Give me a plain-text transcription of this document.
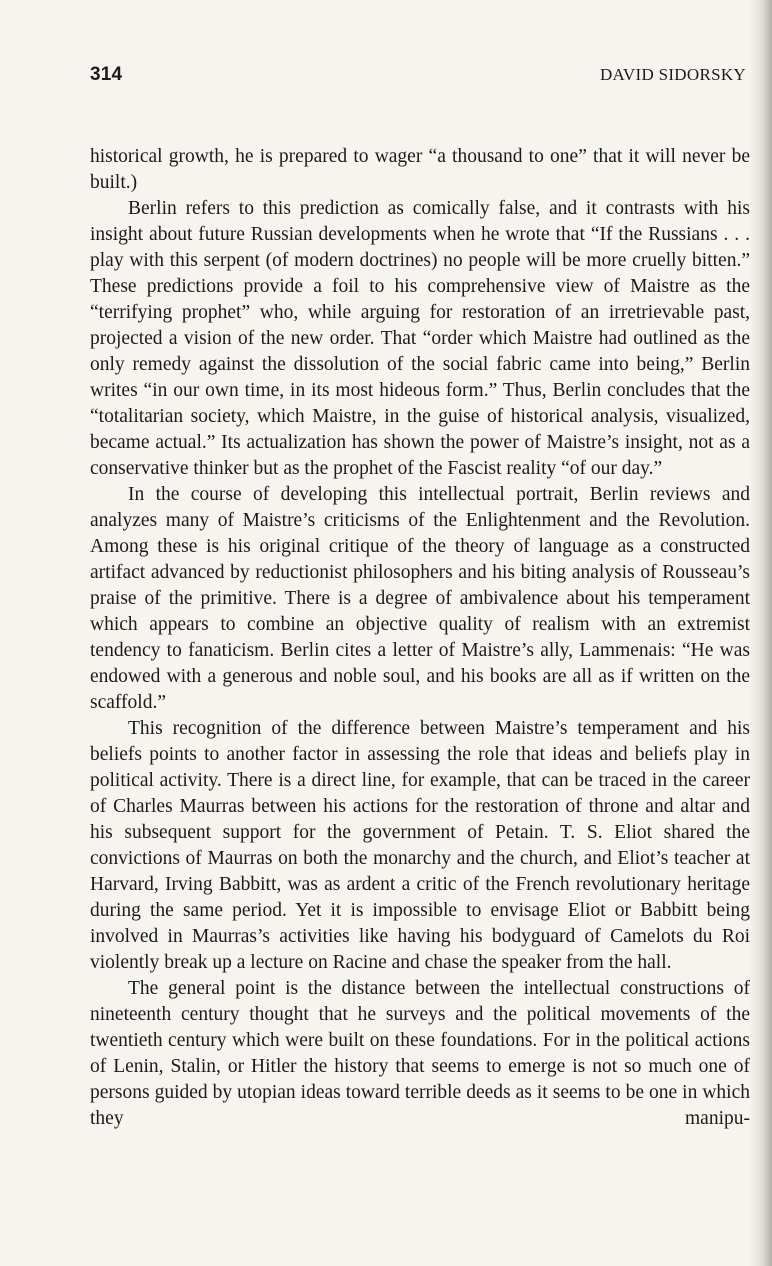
314	DAVID SIDORSKY

historical growth, he is prepared to wager “a thousand to one” that it will never be built.)

Berlin refers to this prediction as comically false, and it contrasts with his insight about future Russian developments when he wrote that “If the Russians . . . play with this serpent (of modern doctrines) no people will be more cruelly bitten.” These predictions provide a foil to his comprehensive view of Maistre as the “terrifying prophet” who, while arguing for restoration of an irretrievable past, projected a vision of the new order. That “order which Maistre had outlined as the only remedy against the dissolution of the social fabric came into being,” Berlin writes “in our own time, in its most hideous form.” Thus, Berlin concludes that the “totalitarian society, which Maistre, in the guise of historical analysis, visualized, became actual.” Its actualization has shown the power of Maistre’s insight, not as a conservative thinker but as the prophet of the Fascist reality “of our day.”

In the course of developing this intellectual portrait, Berlin reviews and analyzes many of Maistre’s criticisms of the Enlightenment and the Revolution. Among these is his original critique of the theory of language as a constructed artifact advanced by reductionist philosophers and his biting analysis of Rousseau’s praise of the primitive. There is a degree of ambivalence about his temperament which appears to combine an objective quality of realism with an extremist tendency to fanaticism. Berlin cites a letter of Maistre’s ally, Lammenais: “He was endowed with a generous and noble soul, and his books are all as if written on the scaffold.”

This recognition of the difference between Maistre’s temperament and his beliefs points to another factor in assessing the role that ideas and beliefs play in political activity. There is a direct line, for example, that can be traced in the career of Charles Maurras between his actions for the restoration of throne and altar and his subsequent support for the government of Petain. T. S. Eliot shared the convictions of Maurras on both the monarchy and the church, and Eliot’s teacher at Harvard, Irving Babbitt, was as ardent a critic of the French revolutionary heritage during the same period. Yet it is impossible to envisage Eliot or Babbitt being involved in Maurras’s activities like having his bodyguard of Camelots du Roi violently break up a lecture on Racine and chase the speaker from the hall.

The general point is the distance between the intellectual constructions of nineteenth century thought that he surveys and the political movements of the twentieth century which were built on these foundations. For in the political actions of Lenin, Stalin, or Hitler the history that seems to emerge is not so much one of persons guided by utopian ideas toward terrible deeds as it seems to be one in which they manipu-
